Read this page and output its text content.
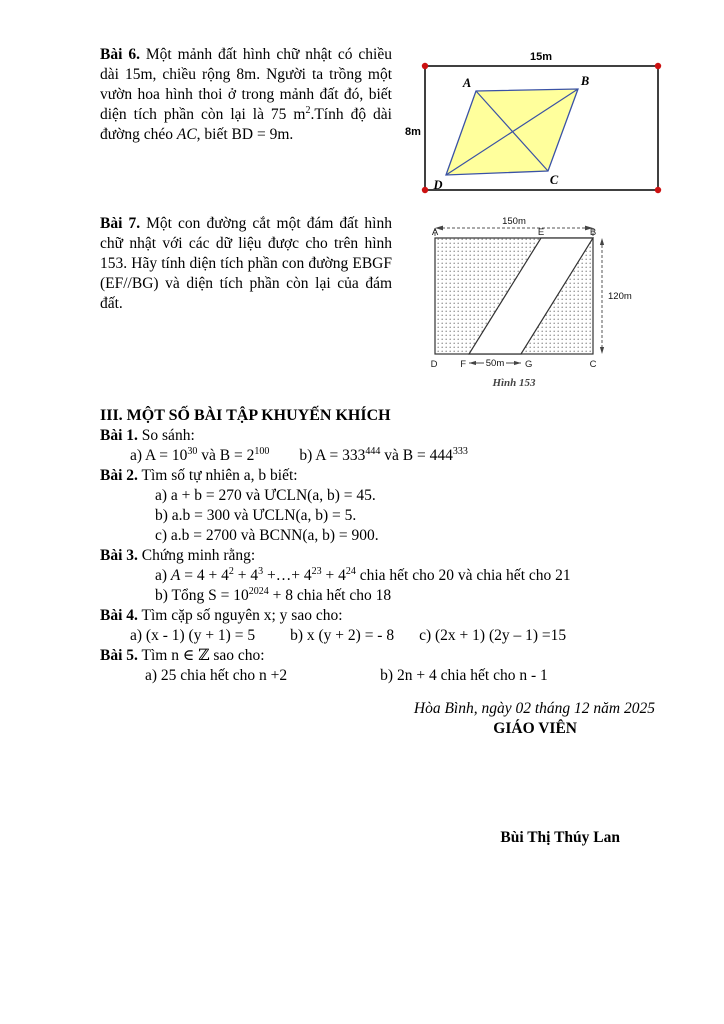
Bài 6. Một mảnh đất hình chữ nhật có chiều dài 15m, chiều rộng 8m. Người ta trồng một vườn hoa hình thoi ở trong mảnh đất đó, biết diện tích phần còn lại là 75 $m^2.Tính$ độ dài đường chéo AC, biết BD = 9m.

15m
8m
A	B
C
D

Bài 7. Một con đường cắt một đám đất hình chữ nhật với các dữ liệu được cho trên hình 153. Hãy tính diện tích phần con đường EBGF (EF//BG) và diện tích phần còn lại của đám đất.

150m
A	E	B
D F	G	C
50m
120m
Hình 153
III. MỘT SỐ BÀI TẬP KHUYẾN KHÍCH
Bài 1. So sánh:
a) $A = 10^{30}$ và $B = 2^{100}$ b) $A = 333^{444}$ và $B = 444^{333}$
Bài 2. Tìm số tự nhiên a, b biết:
a) a + b = 270 và ƯCLN(a, b) = 45.
b) a.b = 300 và ƯCLN(a, b) = 5.
c) a.b = 2700 và BCNN(a, b) = 900.
Bài 3. Chứng minh rằng:
a) $A = 4 + 4^2 + 4^3$ +…+ $4^{23} + 4^{24}$ chia hết cho 20 và chia hết cho 21
b) Tổng $S = 10^{2024} + 8$ chia hết cho 18
Bài 4. Tìm cặp số nguyên x; y sao cho:
a) (x - 1) (y + 1) = 5 b) x (y + 2) = - 8 c) (2x + 1) (2y – 1) =15
Bài 5. Tìm n ∈ ℤ sao cho:
a) 25 chia hết cho n +2	b) 2n + 4 chia hết cho n - 1
Hòa Bình, ngày 02 tháng 12 năm 2025
GIÁO VIÊN
Bùi Thị Thúy Lan
